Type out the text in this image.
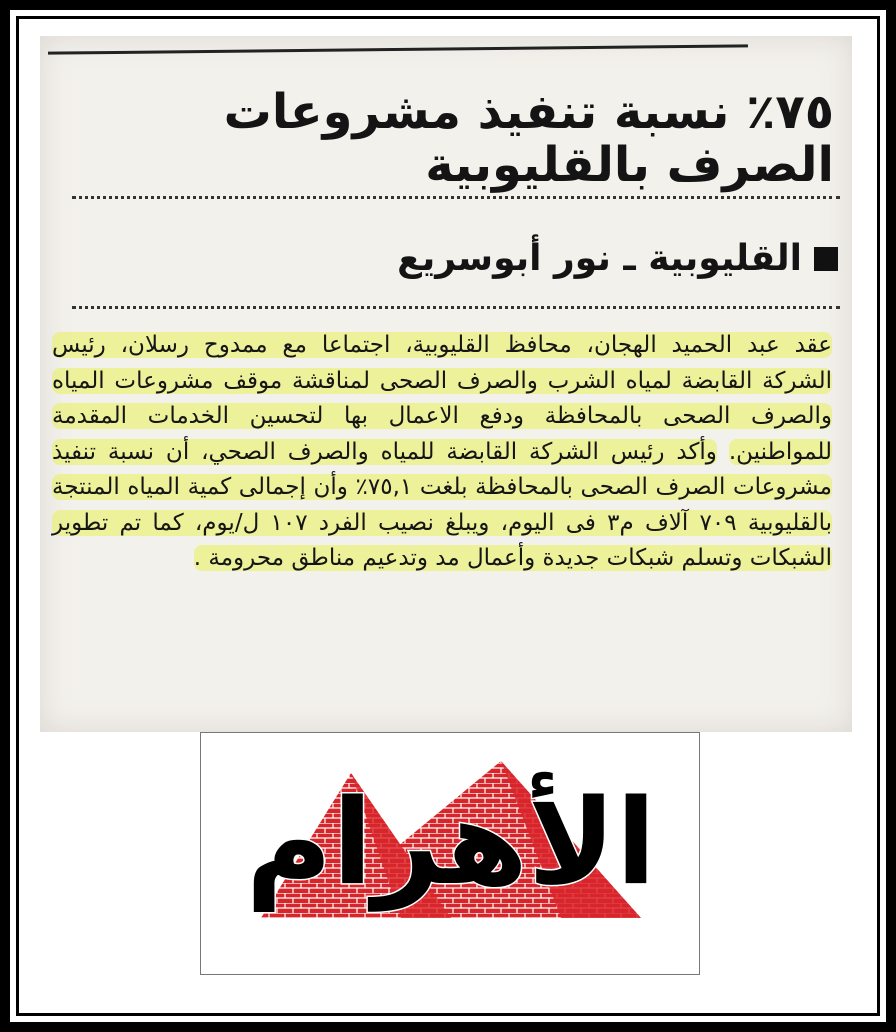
٧٥٪ نسبة تنفيذ مشروعات الصرف بالقليوبية
القليوبية ـ نور أبوسريع
عقد عبد الحميد الهجان، محافظ القليوبية، اجتماعا مع ممدوح رسلان، رئيس الشركة القابضة لمياه الشرب والصرف الصحى لمناقشة موقف مشروعات المياه والصرف الصحى بالمحافظة ودفع الاعمال بها لتحسين الخدمات المقدمة للمواطنين. وأكد رئيس الشركة القابضة للمياه والصرف الصحي، أن نسبة تنفيذ مشروعات الصرف الصحى بالمحافظة بلغت ٧٥,١٪ وأن إجمالى كمية المياه المنتجة بالقليوبية ٧٠٩ آلاف م٣ فى اليوم، ويبلغ نصيب الفرد ١٠٧ ل/يوم، كما تم تطوير الشبكات وتسلم شبكات جديدة وأعمال مد وتدعيم مناطق محرومة .
الأهرام
